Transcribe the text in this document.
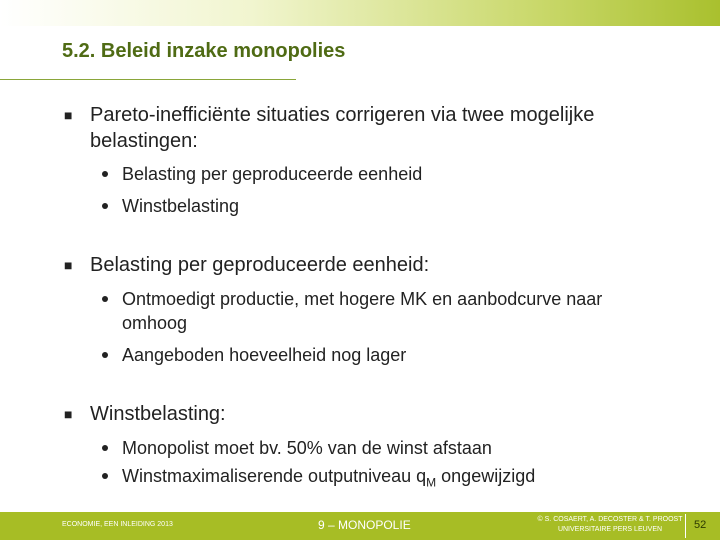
5.2. Beleid inzake monopolies
■ Pareto-inefficiënte situaties corrigeren via twee mogelijke belastingen:
Belasting per geproduceerde eenheid
Winstbelasting
■ Belasting per geproduceerde eenheid:
Ontmoedigt productie, met hogere MK en aanbodcurve naar omhoog
Aangeboden hoeveelheid nog lager
■ Winstbelasting:
Monopolist moet bv. 50% van de winst afstaan
Winstmaximaliserende outputniveau $q_M$ ongewijzigd
ECONOMIE, EEN INLEIDING 2013	9 – MONOPOLIE	© S. COSAERT, A. DECOSTER & T. PROOST
UNIVERSITAIRE PERS LEUVEN	52
